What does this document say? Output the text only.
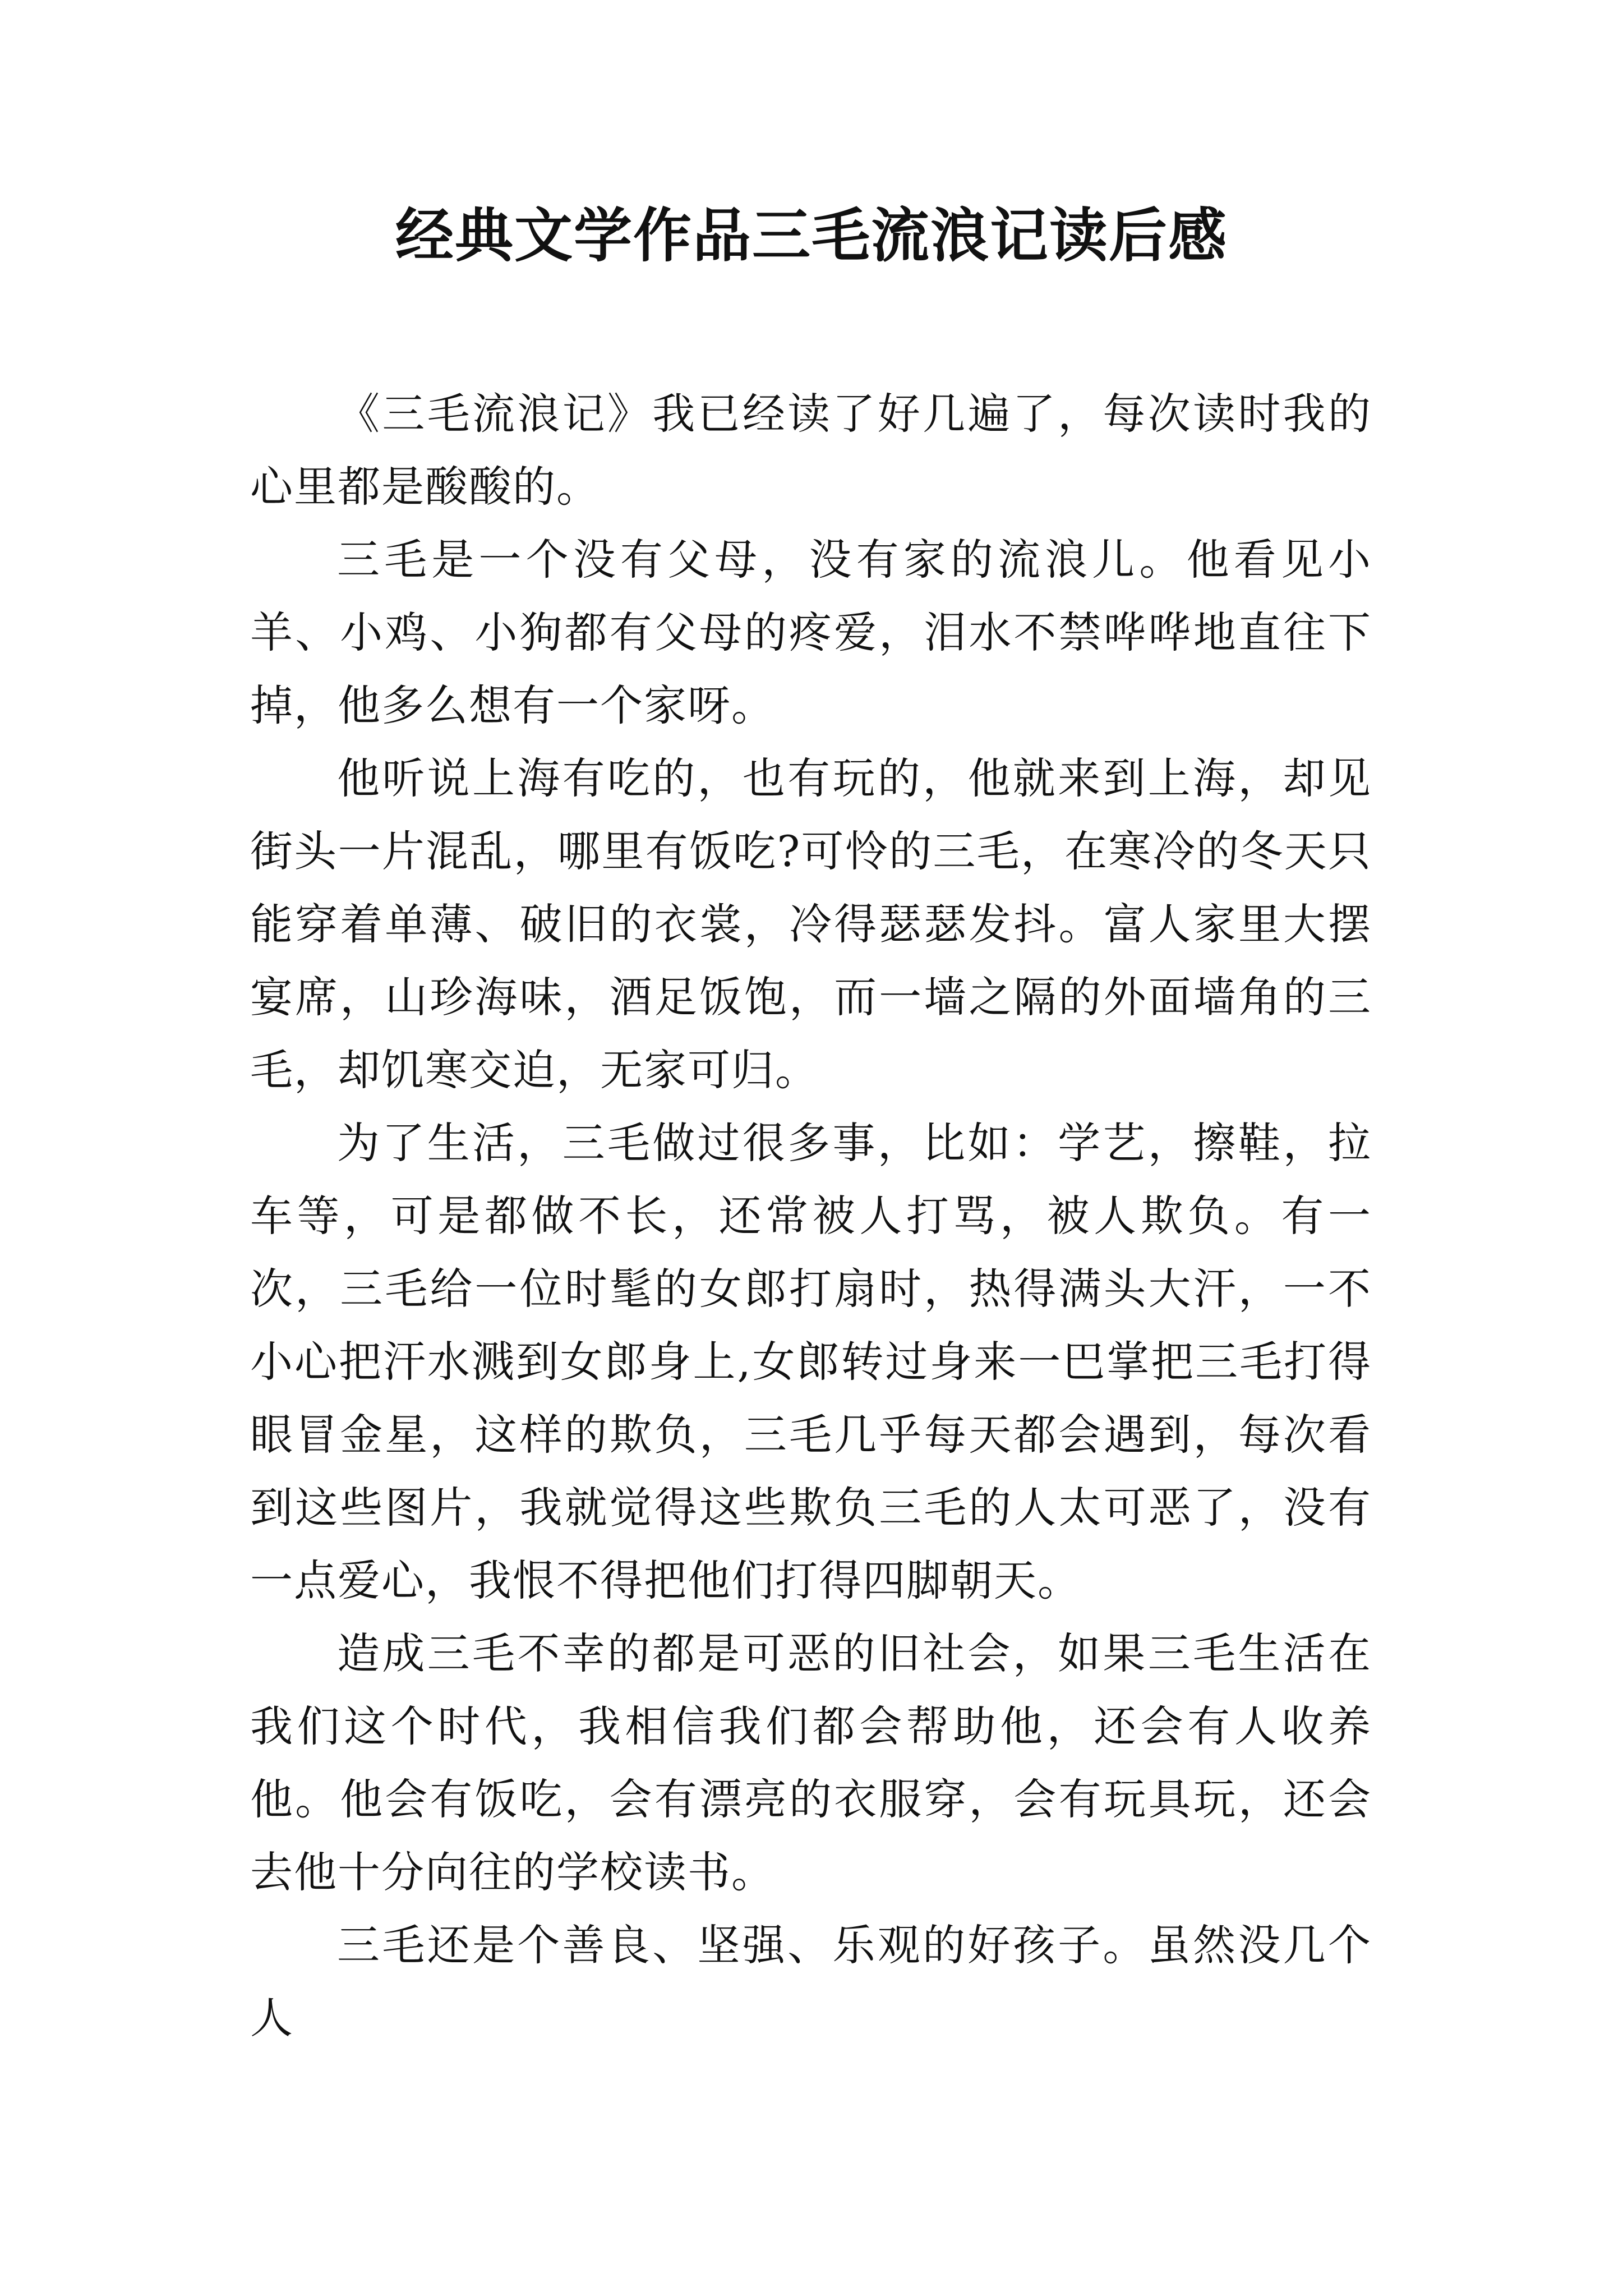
经典文学作品三毛流浪记读后感

《三毛流浪记》我已经读了好几遍了，每次读时我的心里都是酸酸的。

三毛是一个没有父母，没有家的流浪儿。他看见小羊、小鸡、小狗都有父母的疼爱，泪水不禁哗哗地直往下掉，他多么想有一个家呀。

他听说上海有吃的，也有玩的，他就来到上海，却见街头一片混乱，哪里有饭吃?可怜的三毛，在寒冷的冬天只能穿着单薄、破旧的衣裳，冷得瑟瑟发抖。富人家里大摆宴席，山珍海味，酒足饭饱，而一墙之隔的外面墙角的三毛，却饥寒交迫，无家可归。

为了生活，三毛做过很多事，比如：学艺，擦鞋，拉车等，可是都做不长，还常被人打骂，被人欺负。有一次，三毛给一位时髦的女郎打扇时，热得满头大汗，一不小心把汗水溅到女郎身上,女郎转过身来一巴掌把三毛打得眼冒金星，这样的欺负，三毛几乎每天都会遇到，每次看到这些图片，我就觉得这些欺负三毛的人太可恶了，没有一点爱心，我恨不得把他们打得四脚朝天。

造成三毛不幸的都是可恶的旧社会，如果三毛生活在我们这个时代，我相信我们都会帮助他，还会有人收养他。他会有饭吃，会有漂亮的衣服穿，会有玩具玩，还会去他十分向往的学校读书。

三毛还是个善良、坚强、乐观的好孩子。虽然没几个人
